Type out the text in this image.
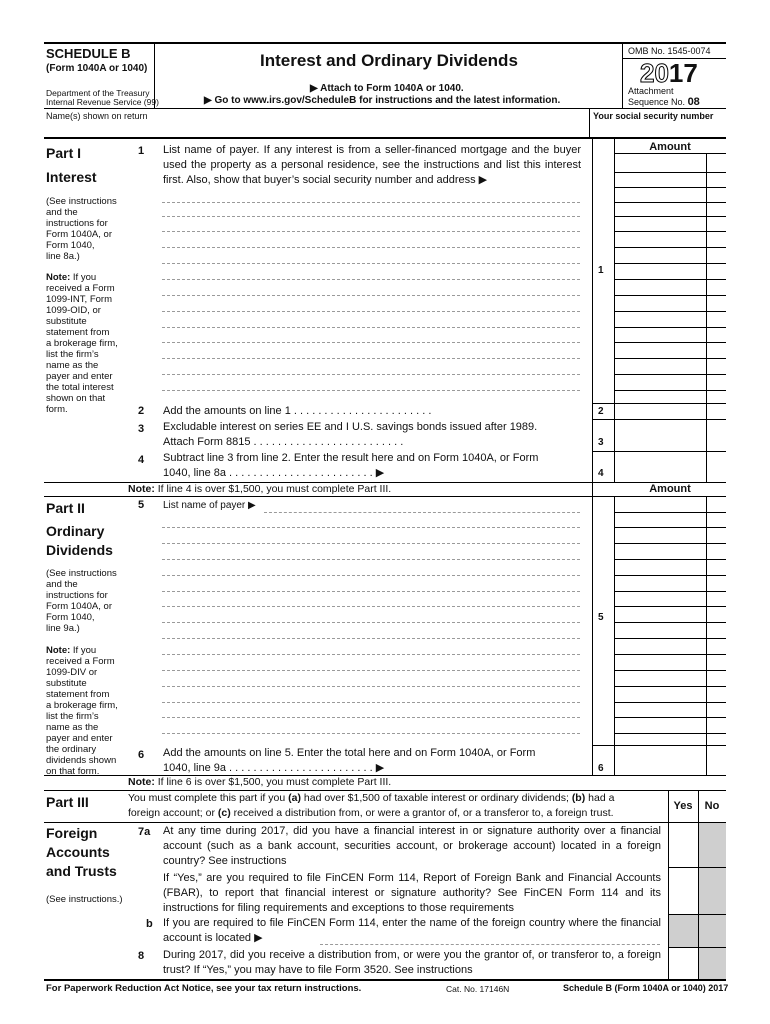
SCHEDULE B
(Form 1040A or 1040)
Department of the Treasury
Internal Revenue Service (99)
Interest and Ordinary Dividends
▶ Attach to Form 1040A or 1040.
▶ Go to www.irs.gov/ScheduleB for instructions and the latest information.
OMB No. 1545-0074
2017
Attachment
Sequence No. 08
Name(s) shown on return	Your social security number
Part I
Interest
(See instructions
and the
instructions for
Form 1040A, or
Form 1040,
line 8a.)
Note: If you
received a Form
1099-INT, Form
1099-OID, or
substitute
statement from
a brokerage firm,
list the firm’s
name as the
payer and enter
the total interest
shown on that
form.
1 List name of payer. If any interest is from a seller-financed mortgage and the buyer used the property as a personal residence, see the instructions and list this interest first. Also, show that buyer’s social security number and address ▶
Amount
1
2 Add the amounts on line 1 . . . . . . . . . . . . . . . . . . . . . . .	2
3 Excludable interest on series EE and I U.S. savings bonds issued after 1989.
Attach Form 8815 . . . . . . . . . . . . . . . . . . . . . . . . .	3
4 Subtract line 3 from line 2. Enter the result here and on Form 1040A, or Form
1040, line 8a . . . . . . . . . . . . . . . . . . . . . . . . ▶	4
Note: If line 4 is over $1,500, you must complete Part III.	Amount
Part II
Ordinary
Dividends
(See instructions
and the
instructions for
Form 1040A, or
Form 1040,
line 9a.)
Note: If you
received a Form
1099-DIV or
substitute
statement from
a brokerage firm,
list the firm’s
name as the
payer and enter
the ordinary
dividends shown
on that form.
5 List name of payer ▶
5
6 Add the amounts on line 5. Enter the total here and on Form 1040A, or Form
1040, line 9a . . . . . . . . . . . . . . . . . . . . . . . . ▶	6
Note: If line 6 is over $1,500, you must complete Part III.
Part III	You must complete this part if you (a) had over $1,500 of taxable interest or ordinary dividends; (b) had a
foreign account; or (c) received a distribution from, or were a grantor of, or a transferor to, a foreign trust.
Yes	No
Foreign
Accounts
and Trusts
(See instructions.)
7a At any time during 2017, did you have a financial interest in or signature authority over a financial account (such as a bank account, securities account, or brokerage account) located in a foreign country? See instructions
If “Yes,” are you required to file FinCEN Form 114, Report of Foreign Bank and Financial Accounts (FBAR), to report that financial interest or signature authority? See FinCEN Form 114 and its instructions for filing requirements and exceptions to those requirements
b If you are required to file FinCEN Form 114, enter the name of the foreign country where the financial account is located ▶
8 During 2017, did you receive a distribution from, or were you the grantor of, or transferor to, a foreign trust? If “Yes,” you may have to file Form 3520. See instructions
For Paperwork Reduction Act Notice, see your tax return instructions.	Cat. No. 17146N	Schedule B (Form 1040A or 1040) 2017
